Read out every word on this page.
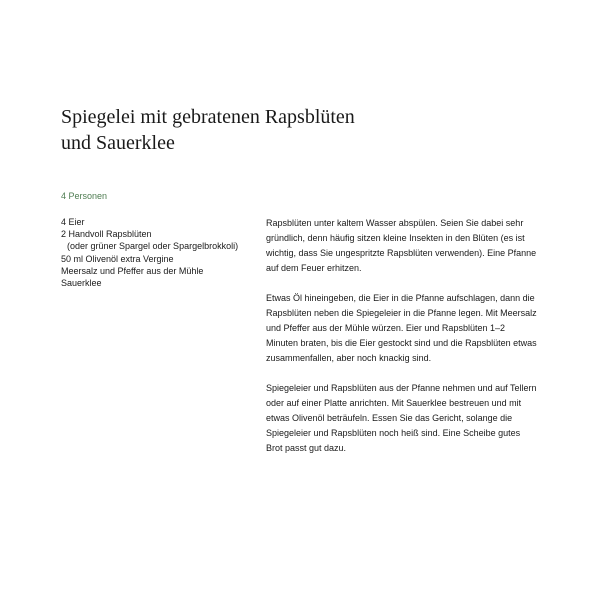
Spiegelei mit gebratenen Rapsblüten
und Sauerklee
4 Personen
4 Eier
2 Handvoll Rapsblüten
(oder grüner Spargel oder Spargelbrokkoli)
50 ml Olivenöl extra Vergine
Meersalz und Pfeffer aus der Mühle
Sauerklee

Rapsblüten unter kaltem Wasser abspülen. Seien Sie dabei sehr gründlich, denn häufig sitzen kleine Insekten in den Blüten (es ist wichtig, dass Sie ungespritzte Rapsblüten verwenden). Eine Pfanne auf dem Feuer erhitzen.

Etwas Öl hineingeben, die Eier in die Pfanne aufschlagen, dann die Rapsblüten neben die Spiegeleier in die Pfanne legen. Mit Meersalz und Pfeffer aus der Mühle würzen. Eier und Rapsblüten 1–2 Minuten braten, bis die Eier gestockt sind und die Rapsblüten etwas zusammenfallen, aber noch knackig sind.

Spiegeleier und Rapsblüten aus der Pfanne nehmen und auf Tellern oder auf einer Platte anrichten. Mit Sauerklee bestreuen und mit etwas Olivenöl beträufeln. Essen Sie das Gericht, solange die Spiegeleier und Rapsblüten noch heiß sind. Eine Scheibe gutes Brot passt gut dazu.
